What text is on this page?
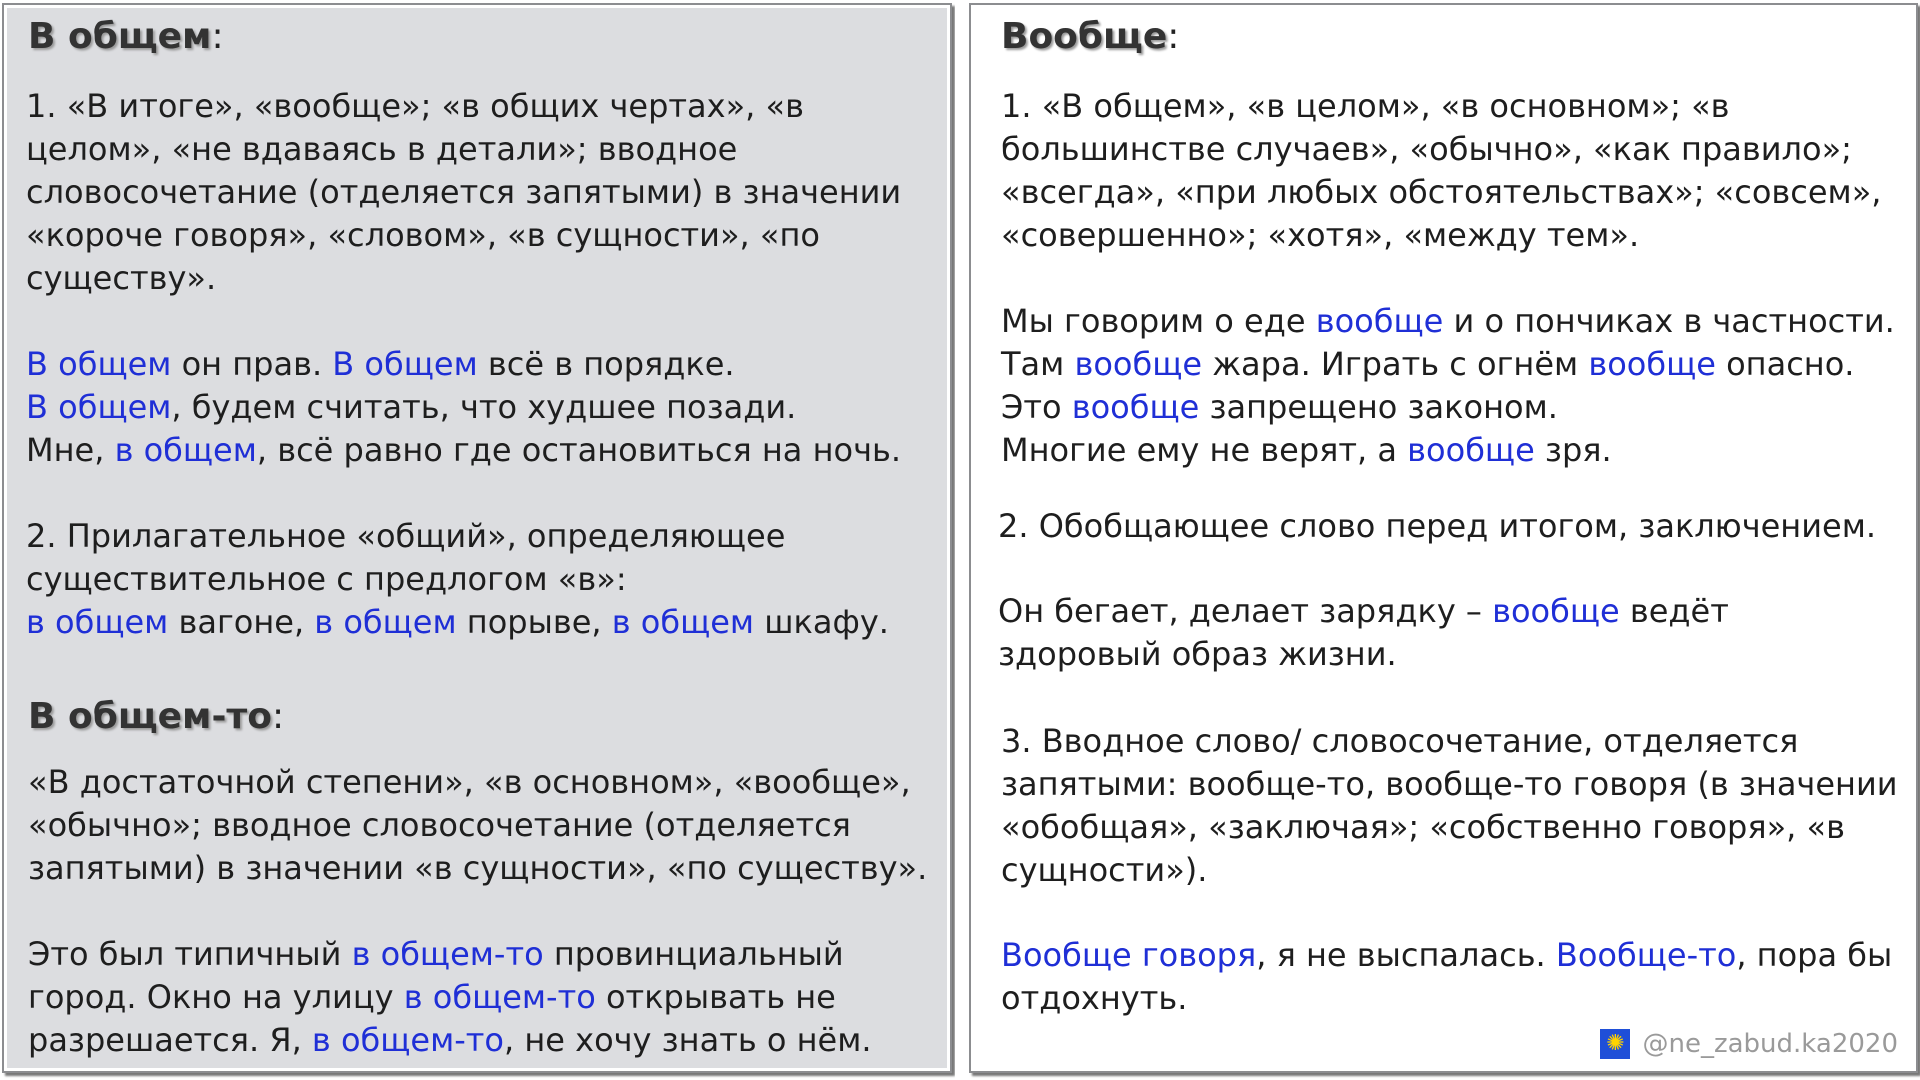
В общем:
1. «В итоге», «вообще»; «в общих чертах», «в
целом», «не вдаваясь в детали»; вводное
словосочетание (отделяется запятыми) в значении
«короче говоря», «словом», «в сущности», «по
существу».
В общем он прав. В общем всё в порядке.
В общем, будем считать, что худшее позади.
Мне, в общем, всё равно где остановиться на ночь.
2. Прилагательное «общий», определяющее
существительное с предлогом «в»:
в общем вагоне, в общем порыве, в общем шкафу.
В общем-то:
«В достаточной степени», «в основном», «вообще»,
«обычно»; вводное словосочетание (отделяется
запятыми) в значении «в сущности», «по существу».
Это был типичный в общем-то провинциальный
город. Окно на улицу в общем-то открывать не
разрешается. Я, в общем-то, не хочу знать о нём.
Вообще:
1. «В общем», «в целом», «в основном»; «в
большинстве случаев», «обычно», «как правило»;
«всегда», «при любых обстоятельствах»; «совсем»,
«совершенно»; «хотя», «между тем».
Мы говорим о еде вообще и о пончиках в частности.
Там вообще жара. Играть с огнём вообще опасно.
Это вообще запрещено законом.
Многие ему не верят, а вообще зря.
2. Обобщающее слово перед итогом, заключением.
Он бегает, делает зарядку – вообще ведёт
здоровый образ жизни.
3. Вводное слово/ словосочетание, отделяется
запятыми: вообще-то, вообще-то говоря (в значении
«обобщая», «заключая»; «собственно говоря», «в
сущности»).
Вообще говоря, я не выспалась. Вообще-то, пора бы
отдохнуть.
✺ @ne_zabud.ka2020
